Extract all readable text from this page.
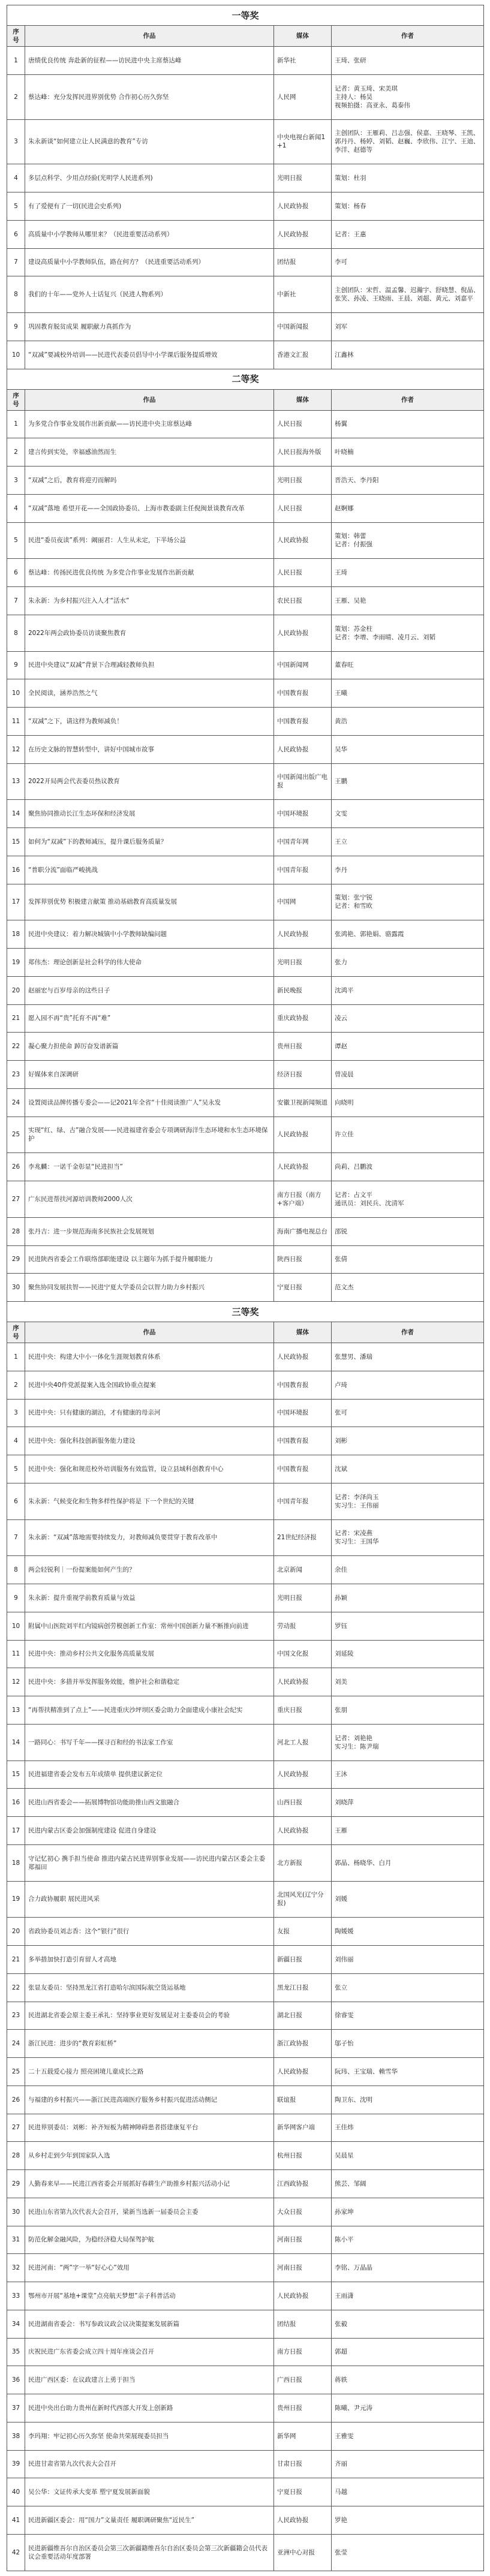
一等奖			
序号	作品	媒体	作者
1	唐绩优良传统 奔赴新的征程——访民进中央主席蔡达峰	新华社	王琦、张研
2	蔡达峰：充分发挥民进界别优势 合作初心历久弥坚	人民网	记者：黄玉琦、宋美琪
主持人：杨昊
视频拍摄：高亚永、葛泰伟
3	朱永新谈“如何建立让人民满意的教育”专访	中央电视台新闻1+1	主创团队：王雁莉、吕志强、侯嘉、王晓琴、王凯、郭丹丹、杨婷、刘韬、赵巍、李欣伟、江宁、王迪、李洋、赵德等
4	多层点科学、少用点经验(光明学人民进系列)	光明日报	策划：杜羽
5	有了爱便有了一切(民进会史系列)	人民政协报	策划：杨春
6	高质量中小学教师从哪里来？（民进重要活动系列）	人民政协报	记者：王惠
7	建设高质量中小学教师队伍，路在何方？（民进重要活动系列）	团结报	李可
8	我们的十年——党外人士话复兴（民进人物系列）	中新社	主创团队：宋哲、温孟馨、迟瀚宇、舒晓慧、倪晶、张笑、孙凌、王晓雨、王晨、刘超、黄元、刘嘉平
9	巩固教育脱贫成果 履职献力真抓作为	中国新闻报	刘军
10	“双减”要减校外培训——民进代表委员倡导中小学课后服务提质增效	香港文汇报	江鑫林
二等奖			
序号	作品	媒体	作者
1	为多党合作事业发展作出新贡献——访民进中央主席蔡达峰	人民日报	杨翼
2	建言传到实处，幸福感油然而生	人民日报海外版	叶晓楠
3	“双减”之后，教育将迎刃而解吗	光明日报	晋浩天、李丹阳
4	“双减”落地 希望开花——全国政协委员、上海市教委副主任倪闽景谈教育改革	人民日报	赵婀娜
5	民进“委员夜读”系列：阚丽君：人生从未定，下半场公益	人民政协报	策划：韩蕾
记者：付振强
6	蔡达峰：传扬民进优良传统 为多党合作事业发展作出新贡献	人民日报	王琦
7	朱永新：为乡村振兴注入人才“活水”	农民日报	王雁、吴艳
8	2022年两会政协委员访谈聚焦教育	人民政协报	策划：苏金柱
记者：李增、李雨晴、凌月云、刘韬
9	民进中央建议“双减”背景下合理减轻教师负担	中国新闻网	董春旺
10	全民阅读，涵养浩然之气	中国教育报	王曦
11	“双减”之下，请这样为教师减负！	中国教育报	黄浩
12	在历史文脉的智慧转型中，讲好中国城市故事	人民政协报	吴华
13	2022开局两会代表委员热议教育	中国新闻出版广电报	王鹏
14	聚焦协同推动长江生态环保和经济发展	中国环境报	文雯
15	如何为“双减”下的教师减压，提升课后服务质量？	中国青年网	王立
16	“普职分流”面临严峻挑战	中国青年报	李丹
17	发挥界别优势 积极建言献策 推动基础教育高质量发展	中国网	策划：张宁锐
记者：和雪欧
18	民进中央建议：着力解决城镇中小学教师缺编问题	人民政协报	张鸿艳、郭艳娟、骆露霞
19	郑伟杰：理论创新是社会科学的伟大使命	光明日报	张力
20	赵丽宏与百岁母亲的这些日子	新民晚报	沈鸿平
21	愿入园不再“贵”托育不再“难”	重庆政协报	凌云
22	凝心聚力担使命 踔厉奋发谱新篇	贵州日报	谭赵
23	好媒体来自深调研	经济日报	曾凌晨
24	设置阅读品牌传播专委会——记2021年全省“十佳阅读推广人”吴永发	安徽卫视新闻频道	向晓明
25	实现“红、绿、古”融合发展——民进福建省委会专项调研海洋生态环境和水生态环境保护	人民政协报	许立佳
26	李兆麟：一诺千金彰显“民进担当”	人民政协报	尚莉、吕鹏波
27	广东民进帮扶河源培训教师2000人次	南方日报（南方+客户端）	记者：占文平
通讯员：刘民兵、沈清军
28	张丹吉：进一步规范海南多民族社会发展规划	海南广播电视总台	邵锐
29	民进陕西省委会工作联络部职能建设 以主题年为抓手提升履职能力	陕西日报	张倩
30	聚焦协同发展扶智——民进宁夏大学委员会以智力助力乡村振兴	宁夏日报	范文杰
三等奖			
序号	作品	媒体	作者
1	民进中央：构建大中小一体化生涯规划教育体系	人民政协报	张慧男、潘瑞
2	民进中央40件党派提案入选全国政协重点提案	中国教育报	卢琦
3	民进中央：只有健康的湖泊，才有健康的母亲河	中国环境报	张可
4	民进中央：强化科技创新服务能力建设	中国教育报	刘彬
5	民进中央：强化和规范校外培训服务有效监管，设立县域科创教育中心	中国教育报	沈斌
6	朱永新：气候变化和生物多样性保护将是 下一个世纪的关键	中国青年报	记者：李泽尚玉
实习生：王伟丽
7	朱永新：“双减”落地需要持续发力，对教师减负要贯穿于教育改革中	21世纪经济报	记者：宋凌燕
实习生：王国华
8	两会轻锐利｜一份提案能如何产生的？	北京新闻	余佳
9	朱永新：提升重视学前教育质量与效益	光明日报	孙颖
10	附属中山医院刘平红内镜病创劳模创新工作室：常州中国创新力量不断推向前进	劳动报	罗钰
11	民进中央：推动乡村公共文化服务高质量发展	中国文化报	刘延陵
12	民进中央：多措并举发挥服务效能，维护社会和谐稳定	人民政协报	刘美
13	“再帮扶精准到了点上”——民进重庆沙坪坝区委会助力全面建成小康社会纪实	重庆日报	张朋
14	一路同心：书写千年——探寻百和经的书法家工作室	河北工人报	记者：刘艳艳
实习生：陈尹瑞
15	民进福建省委会发布五年成绩单 提供建议新定位	人民政协报	王沐
16	民进山西省委会——拓展博物馆功能助推山西文旅融合	山西日报	刘晓萍
17	民进内蒙古区委会加强制度建设 促进自身建设	人民政协报	王雁
18	守记忆初心 携手担当使命 推进内蒙古民进界别事业发展——访民进内蒙古区委会主委郑福田	北方新报	郭晶、杨晓华、白月
19	合力政协履职 展民进风采	北国风光(辽宁分报)	刘媛
20	省政协委员刘志香：这个“银行”很行	友报	陶媛媛
21	多举措加快打造引育留人才高地	新疆日报	刘伟丽
22	张显友委员：坚持黑龙江省打造哈尔滨国际航空货运基地	黑龙江日报	张立
23	民进湖北省委会原主委王承礼：坚持事业更好发展是对主委委员会的考验	湖北日报	徐睿雯
24	浙江民进：进步的“教育彩虹桥”	浙江政协报	邬子怡
25	二十五载爱心接力 照亮困境儿童成长之路	人民政协报	阮玮、王宝瑞、赖雪华
26	与福建的乡村振兴——浙江民进高端医疗服务乡村振兴促进活动侧记	联谊报	陶卫东、沈明
27	民进界别委员：刘彬：补齐短板为精神障碍患者搭建康复平台	新华网客户端	王佳炜
28	从乡村走到少年到国家队入选	杭州日报	吴晨星
29	人勤春来早——民进江西省委会开展抓好春耕生产助推乡村振兴活动小记	江西政协报	熊芸、邹阔
30	民进山东省第九次代表大会召开，梁新当选新一届委员会主委	大众日报	孙家坤
31	防范化解金融风险，为稳经济稳大局保驾护航	河南日报	陈小平
32	民进河南：“两”字一举“好心心”效用	河南日报	李铭、万晶晶
33	鄂州市开展“基地+课堂”点亮航天梦想”亲子科普活动	人民政协报	王雨潇
34	民进湖南省委会：书写参政议政会议决策提案发展新篇	团结报	张毅
35	庆祝民进广东省委会成立四十周年座谈会召开	南方日报	郭超
36	民进广西区委：在议政建言上勇于担当	广西日报	蒋轶
37	民进中央出台助力贵州在新时代西部大开发上创新路	贵州日报	陈曦、尹元涛
38	李玛翔：牢记初心历久弥坚 使命共荣展现委员担当	新华网	王雅雯
39	民进甘肃省第九次代表大会召开	甘肃日报	齐丽
40	吴公华：文证传承大变革 塑宁夏发展新面貌	宁夏日报	马越
41	民进新疆区委会：用“国力”文量责任 履职调研聚焦“近民生”	人民政协报	罗艳
42	民进新疆维吾尔自治区委员会第三次新疆籍维吾尔自治区委员会第三次新疆籍会员代表议会重要活动年度部署	亚洲中心对报	张莹
